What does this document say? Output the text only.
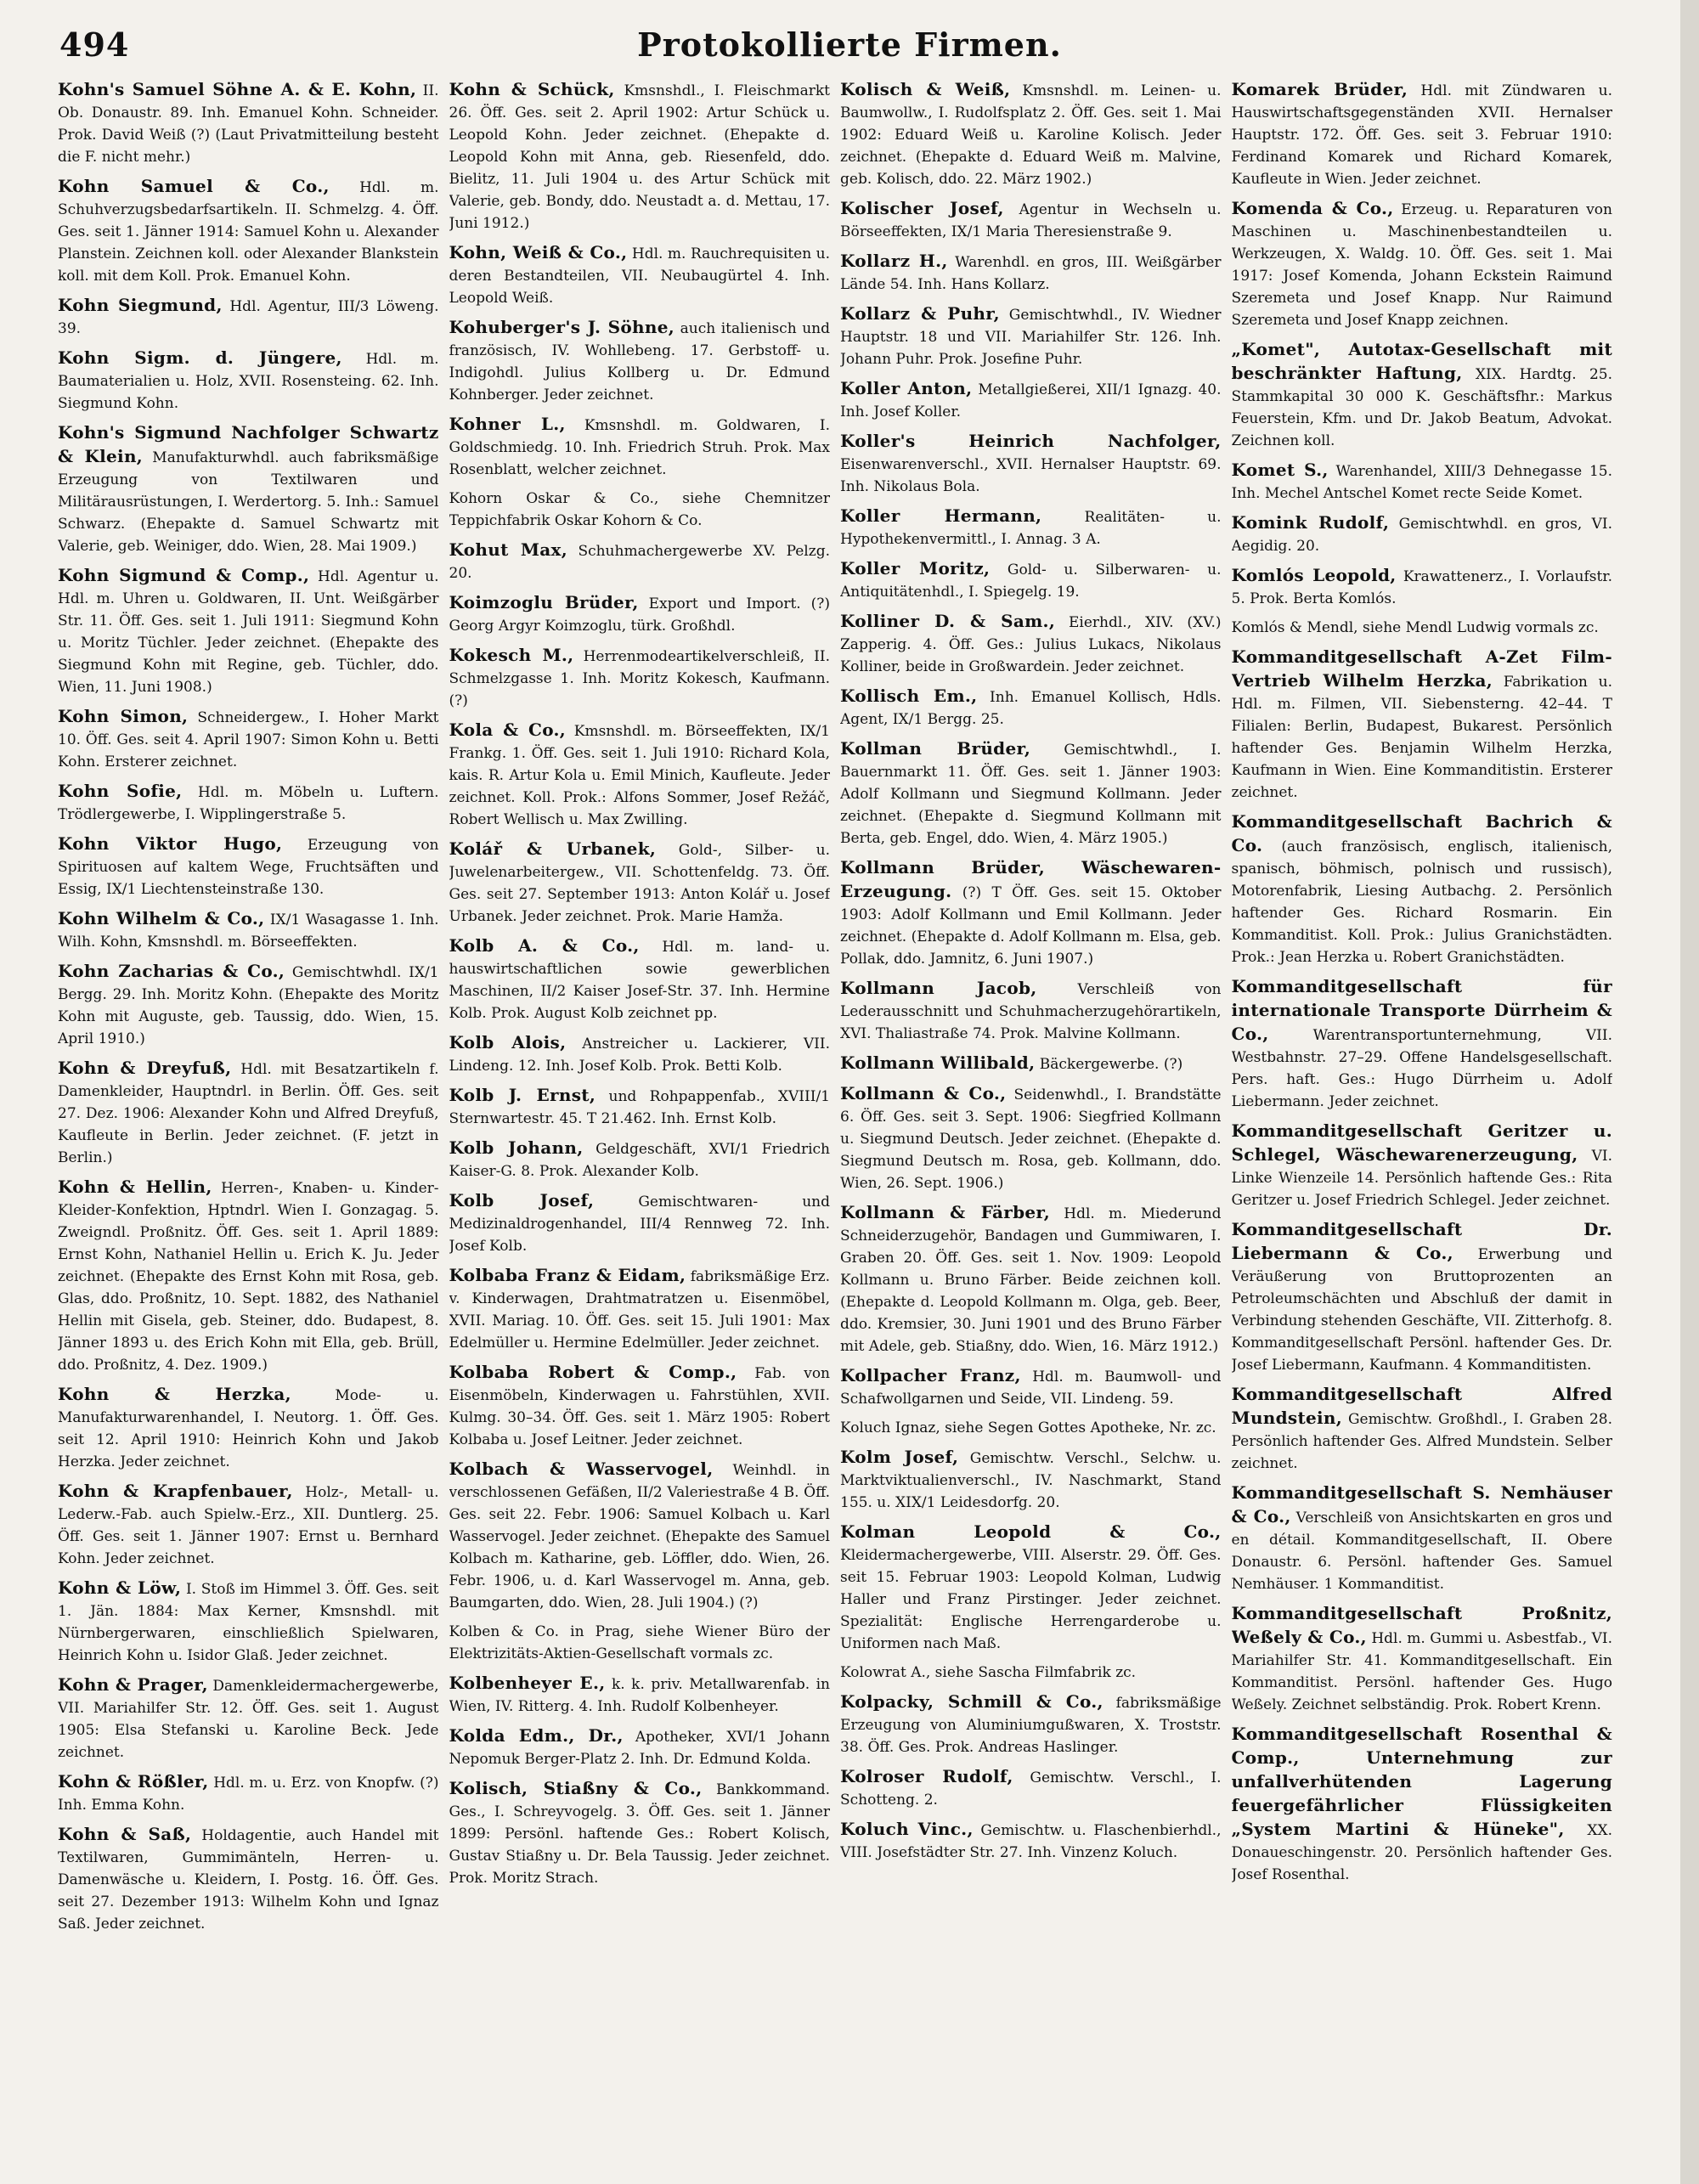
494	Protokollierte Firmen.

Kohn's Samuel Söhne A. & E. Kohn, II. Ob. Donaustr. 89. Inh. Emanuel Kohn. Schneider. Prok. David Weiß (?) (Laut Privatmitteilung besteht die F. nicht mehr.)

Kohn Samuel & Co., Hdl. m. Schuhverzugsbedarfsartikeln. II. Schmelzg. 4. Öff. Ges. seit 1. Jänner 1914: Samuel Kohn u. Alexander Planstein. Zeichnen koll. oder Alexander Blankstein koll. mit dem Koll. Prok. Emanuel Kohn.

Kohn Siegmund, Hdl. Agentur, III/3 Löweng. 39.

Kohn Sigm. d. Jüngere, Hdl. m. Baumaterialien u. Holz, XVII. Rosensteing. 62. Inh. Siegmund Kohn.

Kohn's Sigmund Nachfolger Schwartz & Klein, Manufakturwhdl. auch fabriksmäßige Erzeugung von Textilwaren und Militärausrüstungen, I. Werdertorg. 5. Inh.: Samuel Schwarz. (Ehepakte d. Samuel Schwartz mit Valerie, geb. Weiniger, ddo. Wien, 28. Mai 1909.)

Kohn Sigmund & Comp., Hdl. Agentur u. Hdl. m. Uhren u. Goldwaren, II. Unt. Weißgärber Str. 11. Öff. Ges. seit 1. Juli 1911: Siegmund Kohn u. Moritz Tüchler. Jeder zeichnet. (Ehepakte des Siegmund Kohn mit Regine, geb. Tüchler, ddo. Wien, 11. Juni 1908.)

Kohn Simon, Schneidergew., I. Hoher Markt 10. Öff. Ges. seit 4. April 1907: Simon Kohn u. Betti Kohn. Ersterer zeichnet.

Kohn Sofie, Hdl. m. Möbeln u. Luftern. Trödlergewerbe, I. Wipplingerstraße 5.

Kohn Viktor Hugo, Erzeugung von Spirituosen auf kaltem Wege, Fruchtsäften und Essig, IX/1 Liechtensteinstraße 130.

Kohn Wilhelm & Co., IX/1 Wasagasse 1. Inh. Wilh. Kohn, Kmsnshdl. m. Börseeffekten.

Kohn Zacharias & Co., Gemischtwhdl. IX/1 Bergg. 29. Inh. Moritz Kohn. (Ehepakte des Moritz Kohn mit Auguste, geb. Taussig, ddo. Wien, 15. April 1910.)

Kohn & Dreyfuß, Hdl. mit Besatzartikeln f. Damenkleider, Hauptndrl. in Berlin. Öff. Ges. seit 27. Dez. 1906: Alexander Kohn und Alfred Dreyfuß, Kaufleute in Berlin. Jeder zeichnet. (F. jetzt in Berlin.)

Kohn & Hellin, Herren-, Knaben- u. Kinder-Kleider-Konfektion, Hptndrl. Wien I. Gonzagag. 5. Zweigndl. Proßnitz. Öff. Ges. seit 1. April 1889: Ernst Kohn, Nathaniel Hellin u. Erich K. Ju. Jeder zeichnet. (Ehepakte des Ernst Kohn mit Rosa, geb. Glas, ddo. Proßnitz, 10. Sept. 1882, des Nathaniel Hellin mit Gisela, geb. Steiner, ddo. Budapest, 8. Jänner 1893 u. des Erich Kohn mit Ella, geb. Brüll, ddo. Proßnitz, 4. Dez. 1909.)

Kohn & Herzka,	Mode- u. Manufakturwarenhandel, I. Neutorg. 1. Öff. Ges. seit 12. April 1910: Heinrich Kohn und Jakob Herzka. Jeder zeichnet.

Kohn & Krapfenbauer, Holz-, Metall- u. Lederw.-Fab. auch Spielw.-Erz., XII. Duntlerg. 25. Öff. Ges. seit 1. Jänner 1907: Ernst u. Bernhard Kohn. Jeder zeichnet.

Kohn & Löw, I. Stoß im Himmel 3. Öff. Ges. seit 1. Jän. 1884: Max Kerner, Kmsnshdl. mit Nürnbergerwaren, einschließlich Spielwaren, Heinrich Kohn u. Isidor Glaß. Jeder zeichnet.

Kohn & Prager, Damenkleidermachergewerbe, VII. Mariahilfer Str. 12. Öff. Ges. seit 1. August 1905: Elsa Stefanski u. Karoline Beck. Jede zeichnet.

Kohn & Rößler, Hdl. m. u. Erz. von Knopfw. (?) Inh. Emma Kohn.

Kohn & Saß, Holdagentie, auch Handel mit Textilwaren, Gummimänteln, Herren- u. Damenwäsche u. Kleidern, I. Postg. 16. Öff. Ges. seit 27. Dezember 1913: Wilhelm Kohn und Ignaz Saß. Jeder zeichnet.

Kohn & Schück, Kmsnshdl., I. Fleischmarkt 26. Öff. Ges. seit 2. April 1902: Artur Schück u. Leopold Kohn. Jeder zeichnet. (Ehepakte d. Leopold Kohn mit Anna, geb. Riesenfeld, ddo. Bielitz, 11. Juli 1904 u. des Artur Schück mit Valerie, geb. Bondy, ddo. Neustadt a. d. Mettau, 17. Juni 1912.)

Kohn, Weiß & Co., Hdl. m. Rauchrequisiten u. deren Bestandteilen, VII. Neubaugürtel 4. Inh. Leopold Weiß.

Kohuberger's J. Söhne, auch italienisch und französisch, IV. Wohllebeng. 17. Gerbstoff- u. Indigohdl. Julius Kollberg u. Dr. Edmund Kohnberger. Jeder zeichnet.

Kohner L., Kmsnshdl. m. Goldwaren, I. Goldschmiedg. 10. Inh. Friedrich Struh. Prok. Max Rosenblatt, welcher zeichnet.

Kohorn Oskar & Co., siehe Chemnitzer Teppichfabrik Oskar Kohorn & Co.

Kohut Max, Schuhmachergewerbe XV. Pelzg. 20.

Koimzoglu Brüder, Export und Import. (?) Georg Argyr Koimzoglu, türk. Großhdl.

Kokesch M., Herrenmodeartikelverschleiß, II. Schmelzgasse 1. Inh. Moritz Kokesch, Kaufmann. (?)

Kola & Co., Kmsnshdl. m. Börseeffekten, IX/1 Frankg. 1. Öff. Ges. seit 1. Juli 1910: Richard Kola, kais. R. Artur Kola u. Emil Minich, Kaufleute. Jeder zeichnet. Koll. Prok.: Alfons Sommer, Josef Režáč, Robert Wellisch u. Max Zwilling.

Kolář & Urbanek, Gold-, Silber- u. Juwelenarbeitergew., VII. Schottenfeldg. 73. Öff. Ges. seit 27. September 1913: Anton Kolář u. Josef Urbanek. Jeder zeichnet. Prok. Marie Hamža.

Kolb A. & Co., Hdl. m. land- u. hauswirtschaftlichen sowie gewerblichen Maschinen, II/2 Kaiser Josef-Str. 37. Inh. Hermine Kolb. Prok. August Kolb zeichnet pp.

Kolb Alois, Anstreicher u. Lackierer, VII. Lindeng. 12. Inh. Josef Kolb. Prok. Betti Kolb.

Kolb J. Ernst, und Rohpappenfab., XVIII/1 Sternwartestr. 45. T 21.462. Inh. Ernst Kolb.

Kolb Johann, Geldgeschäft, XVI/1 Friedrich Kaiser-G. 8. Prok. Alexander Kolb.

Kolb Josef,	Gemischtwaren- und Medizinaldrogenhandel, III/4 Rennweg 72. Inh. Josef Kolb.

Kolbaba Franz & Eidam, fabriksmäßige Erz. v. Kinderwagen, Drahtmatratzen u. Eisenmöbel, XVII. Mariag. 10. Öff. Ges. seit 15. Juli 1901: Max Edelmüller u. Hermine Edelmüller. Jeder zeichnet.

Kolbaba Robert & Comp., Fab. von Eisenmöbeln, Kinderwagen u. Fahrstühlen, XVII. Kulmg. 30–34. Öff. Ges. seit 1. März 1905: Robert Kolbaba u. Josef Leitner. Jeder zeichnet.

Kolbach & Wasservogel, Weinhdl. in verschlossenen Gefäßen, II/2 Valeriestraße 4 B. Öff. Ges. seit 22. Febr. 1906: Samuel Kolbach u. Karl Wasservogel. Jeder zeichnet. (Ehepakte des Samuel Kolbach m. Katharine, geb. Löffler, ddo. Wien, 26. Febr. 1906, u. d. Karl Wasservogel m. Anna, geb. Baumgarten, ddo. Wien, 28. Juli 1904.) (?)

Kolben & Co. in Prag, siehe Wiener Büro der Elektrizitäts-Aktien-Gesellschaft vormals zc.

Kolbenheyer E., k. k. priv. Metallwarenfab. in Wien, IV. Ritterg. 4. Inh. Rudolf Kolbenheyer.

Kolda Edm., Dr., Apotheker, XVI/1 Johann Nepomuk Berger-Platz 2. Inh. Dr. Edmund Kolda.

Kolisch, Stiaßny & Co., Bankkommand. Ges., I. Schreyvogelg. 3. Öff. Ges. seit 1. Jänner 1899: Persönl. haftende Ges.: Robert Kolisch, Gustav Stiaßny u. Dr. Bela Taussig. Jeder zeichnet. Prok. Moritz Strach.

Kolisch & Weiß, Kmsnshdl. m. Leinen- u. Baumwollw., I. Rudolfsplatz 2. Öff. Ges. seit 1. Mai 1902: Eduard Weiß u. Karoline Kolisch. Jeder zeichnet. (Ehepakte d. Eduard Weiß m. Malvine, geb. Kolisch, ddo. 22. März 1902.)

Kolischer Josef, Agentur in Wechseln u. Börseeffekten, IX/1 Maria Theresienstraße 9.

Kollarz H., Warenhdl. en gros, III. Weißgärber Lände 54. Inh. Hans Kollarz.

Kollarz & Puhr, Gemischtwhdl., IV. Wiedner Hauptstr. 18 und VII. Mariahilfer Str. 126. Inh. Johann Puhr. Prok. Josefine Puhr.

Koller Anton, Metallgießerei, XII/1 Ignazg. 40. Inh. Josef Koller.

Koller's Heinrich Nachfolger, Eisenwarenverschl., XVII. Hernalser Hauptstr. 69. Inh. Nikolaus Bola.

Koller Hermann,	Realitäten- u. Hypothekenvermittl., I. Annag. 3 A.

Koller Moritz, Gold- u. Silberwaren- u. Antiquitätenhdl., I. Spiegelg. 19.

Kolliner D. & Sam., Eierhdl., XIV. (XV.) Zapperig. 4. Öff. Ges.: Julius Lukacs, Nikolaus Kolliner, beide in Großwardein. Jeder zeichnet.

Kollisch Em., Inh. Emanuel Kollisch, Hdls. Agent, IX/1 Bergg. 25.

Kollman Brüder, Gemischtwhdl., I. Bauernmarkt 11. Öff. Ges. seit 1. Jänner 1903: Adolf Kollmann und Siegmund Kollmann. Jeder zeichnet. (Ehepakte d. Siegmund Kollmann mit Berta, geb. Engel, ddo. Wien, 4. März 1905.)

Kollmann Brüder, Wäschewaren-Erzeugung. (?) T Öff. Ges. seit 15. Oktober 1903: Adolf Kollmann und Emil Kollmann. Jeder zeichnet. (Ehepakte d. Adolf Kollmann m. Elsa, geb. Pollak, ddo. Jamnitz, 6. Juni 1907.)

Kollmann Jacob,	Verschleiß von Lederausschnitt und Schuhmacherzugehörartikeln, XVI. Thaliastraße 74. Prok. Malvine Kollmann.

Kollmann Willibald, Bäckergewerbe. (?)

Kollmann & Co., Seidenwhdl., I. Brandstätte 6. Öff. Ges. seit 3. Sept. 1906: Siegfried Kollmann u. Siegmund Deutsch. Jeder zeichnet. (Ehepakte d. Siegmund Deutsch m. Rosa, geb. Kollmann, ddo. Wien, 26. Sept. 1906.)

Kollmann & Färber, Hdl. m. Miederund Schneiderzugehör, Bandagen und Gummiwaren, I. Graben 20. Öff. Ges. seit 1. Nov. 1909: Leopold Kollmann u. Bruno Färber. Beide zeichnen koll. (Ehepakte d. Leopold Kollmann m. Olga, geb. Beer, ddo. Kremsier, 30. Juni 1901 und des Bruno Färber mit Adele, geb. Stiaßny, ddo. Wien, 16. März 1912.)

Kollpacher Franz, Hdl. m. Baumwoll- und Schafwollgarnen und Seide, VII. Lindeng. 59.

Koluch Ignaz, siehe Segen Gottes Apotheke, Nr. zc.

Kolm Josef, Gemischtw. Verschl., Selchw. u. Marktviktualienverschl., IV. Naschmarkt, Stand 155. u. XIX/1 Leidesdorfg. 20.

Kolman Leopold & Co., Kleidermachergewerbe, VIII. Alserstr. 29. Öff. Ges. seit 15. Februar 1903: Leopold Kolman, Ludwig Haller und Franz Pirstinger. Jeder zeichnet. Spezialität: Englische Herrengarderobe u. Uniformen nach Maß.

Kolowrat A., siehe Sascha Filmfabrik zc.

Kolpacky, Schmill & Co., fabriksmäßige Erzeugung von Aluminiumgußwaren, X. Troststr. 38. Öff. Ges. Prok. Andreas Haslinger.

Kolroser Rudolf, Gemischtw. Verschl., I. Schotteng. 2.

Koluch Vinc., Gemischtw. u. Flaschenbierhdl., VIII. Josefstädter Str. 27. Inh. Vinzenz Koluch.

Komarek Brüder, Hdl. mit Zündwaren u. Hauswirtschaftsgegenständen XVII. Hernalser Hauptstr. 172. Öff. Ges. seit 3. Februar 1910: Ferdinand Komarek und Richard Komarek, Kaufleute in Wien. Jeder zeichnet.

Komenda & Co., Erzeug. u. Reparaturen von Maschinen u. Maschinenbestandteilen u. Werkzeugen, X. Waldg. 10. Öff. Ges. seit 1. Mai 1917: Josef Komenda, Johann Eckstein Raimund Szeremeta und Josef Knapp. Nur Raimund Szeremeta und Josef Knapp zeichnen.

„Komet", Autotax-Gesellschaft mit beschränkter Haftung, XIX. Hardtg. 25. Stammkapital 30 000 K. Geschäftsfhr.: Markus Feuerstein, Kfm. und Dr. Jakob Beatum, Advokat. Zeichnen koll.

Komet S., Warenhandel, XIII/3 Dehnegasse 15. Inh. Mechel Antschel Komet recte Seide Komet.

Komink Rudolf, Gemischtwhdl. en gros, VI. Aegidig. 20.

Komlós Leopold, Krawattenerz., I. Vorlaufstr. 5. Prok. Berta Komlós.

Komlós & Mendl, siehe Mendl Ludwig vormals zc.

Kommanditgesellschaft A-Zet Film-Vertrieb Wilhelm Herzka, Fabrikation u. Hdl. m. Filmen, VII. Siebensterng. 42–44. T Filialen: Berlin, Budapest, Bukarest. Persönlich haftender Ges. Benjamin Wilhelm Herzka, Kaufmann in Wien. Eine Kommanditistin. Ersterer zeichnet.

Kommanditgesellschaft Bachrich & Co. (auch französisch, englisch, italienisch, spanisch, böhmisch, polnisch und russisch), Motorenfabrik, Liesing Autbachg. 2. Persönlich haftender Ges. Richard Rosmarin. Ein Kommanditist. Koll. Prok.: Julius Granichstädten. Prok.: Jean Herzka u. Robert Granichstädten.

Kommanditgesellschaft für internationale Transporte Dürrheim & Co.,	Warentransportunternehmung, VII. Westbahnstr. 27–29. Offene Handelsgesellschaft. Pers. haft. Ges.: Hugo Dürrheim u. Adolf Liebermann. Jeder zeichnet.

Kommanditgesellschaft Geritzer u. Schlegel, Wäschewarenerzeugung, VI. Linke Wienzeile 14. Persönlich haftende Ges.: Rita Geritzer u. Josef Friedrich Schlegel. Jeder zeichnet.

Kommanditgesellschaft Dr. Liebermann & Co., Erwerbung und Veräußerung von Bruttoprozenten an Petroleumschächten und Abschluß der damit in Verbindung stehenden Geschäfte, VII. Zitterhofg. 8. Kommanditgesellschaft Persönl. haftender Ges. Dr. Josef Liebermann, Kaufmann. 4 Kommanditisten.

Kommanditgesellschaft Alfred Mundstein, Gemischtw. Großhdl., I. Graben 28. Persönlich haftender Ges. Alfred Mundstein. Selber zeichnet.

Kommanditgesellschaft S. Nemhäuser & Co., Verschleiß von Ansichtskarten en gros und en détail. Kommanditgesellschaft, II. Obere Donaustr. 6. Persönl. haftender Ges. Samuel Nemhäuser. 1 Kommanditist.

Kommanditgesellschaft Proßnitz, Weßely & Co., Hdl. m. Gummi u. Asbestfab., VI. Mariahilfer Str. 41. Kommanditgesellschaft. Ein Kommanditist. Persönl. haftender Ges. Hugo Weßely. Zeichnet selbständig. Prok. Robert Krenn.

Kommanditgesellschaft Rosenthal & Comp., Unternehmung zur unfallverhütenden Lagerung feuergefährlicher Flüssigkeiten „System Martini & Hüneke", XX. Donaueschingenstr. 20. Persönlich haftender Ges. Josef Rosenthal.
